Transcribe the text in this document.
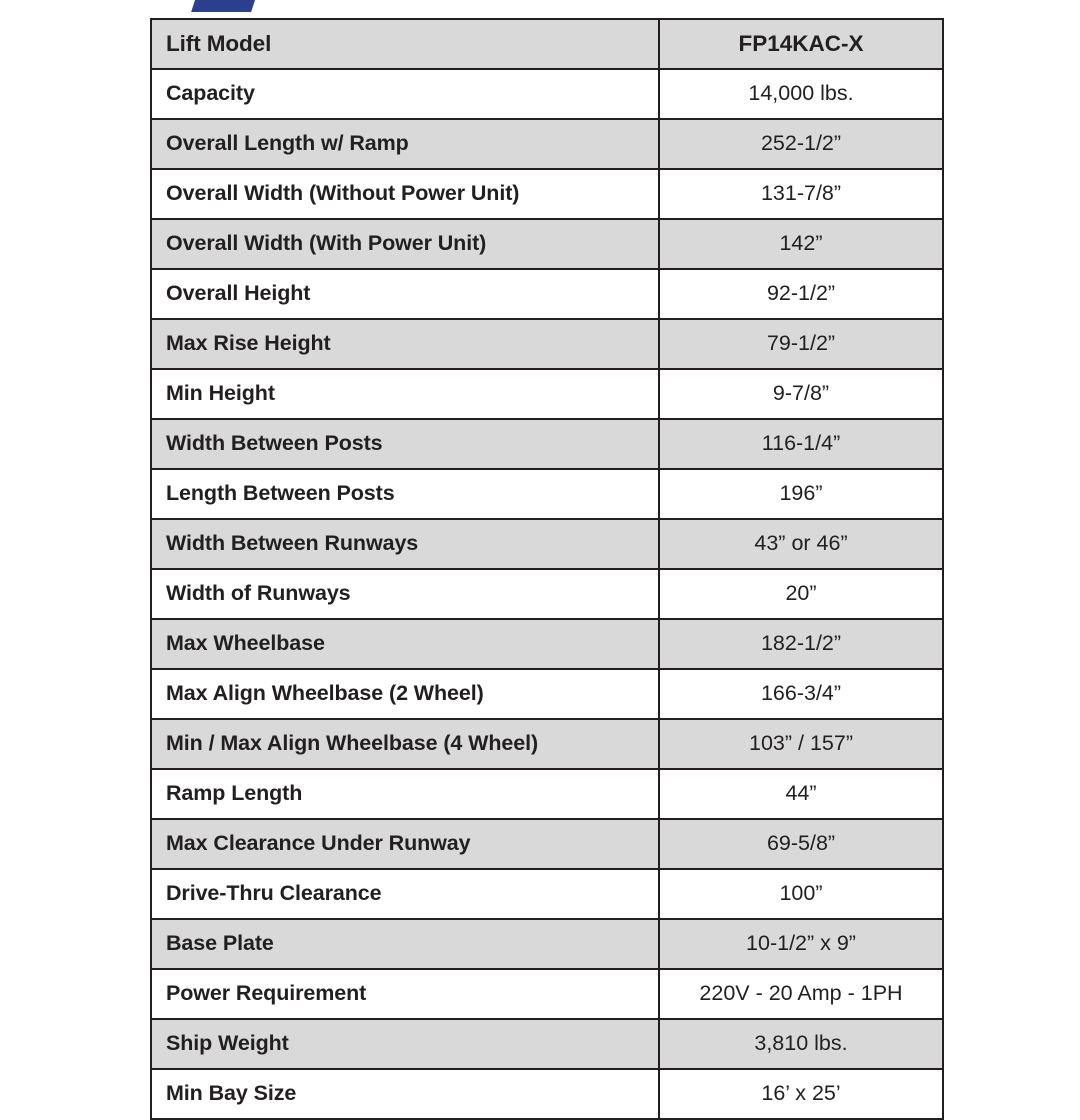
Lift Model	FP14KAC-X
Capacity	14,000 lbs.
Overall Length w/ Ramp	252-1/2”
Overall Width (Without Power Unit)	131-7/8”
Overall Width (With Power Unit)	142”
Overall Height	92-1/2”
Max Rise Height	79-1/2”
Min Height	9-7/8”
Width Between Posts	116-1/4”
Length Between Posts	196”
Width Between Runways	43” or 46”
Width of Runways	20”
Max Wheelbase	182-1/2”
Max Align Wheelbase (2 Wheel)	166-3/4”
Min / Max Align Wheelbase (4 Wheel)	103” / 157”
Ramp Length	44”
Max Clearance Under Runway	69-5/8”
Drive-Thru Clearance	100”
Base Plate	10-1/2” x 9”
Power Requirement	220V - 20 Amp - 1PH
Ship Weight	3,810 lbs.
Min Bay Size	16’ x 25’
